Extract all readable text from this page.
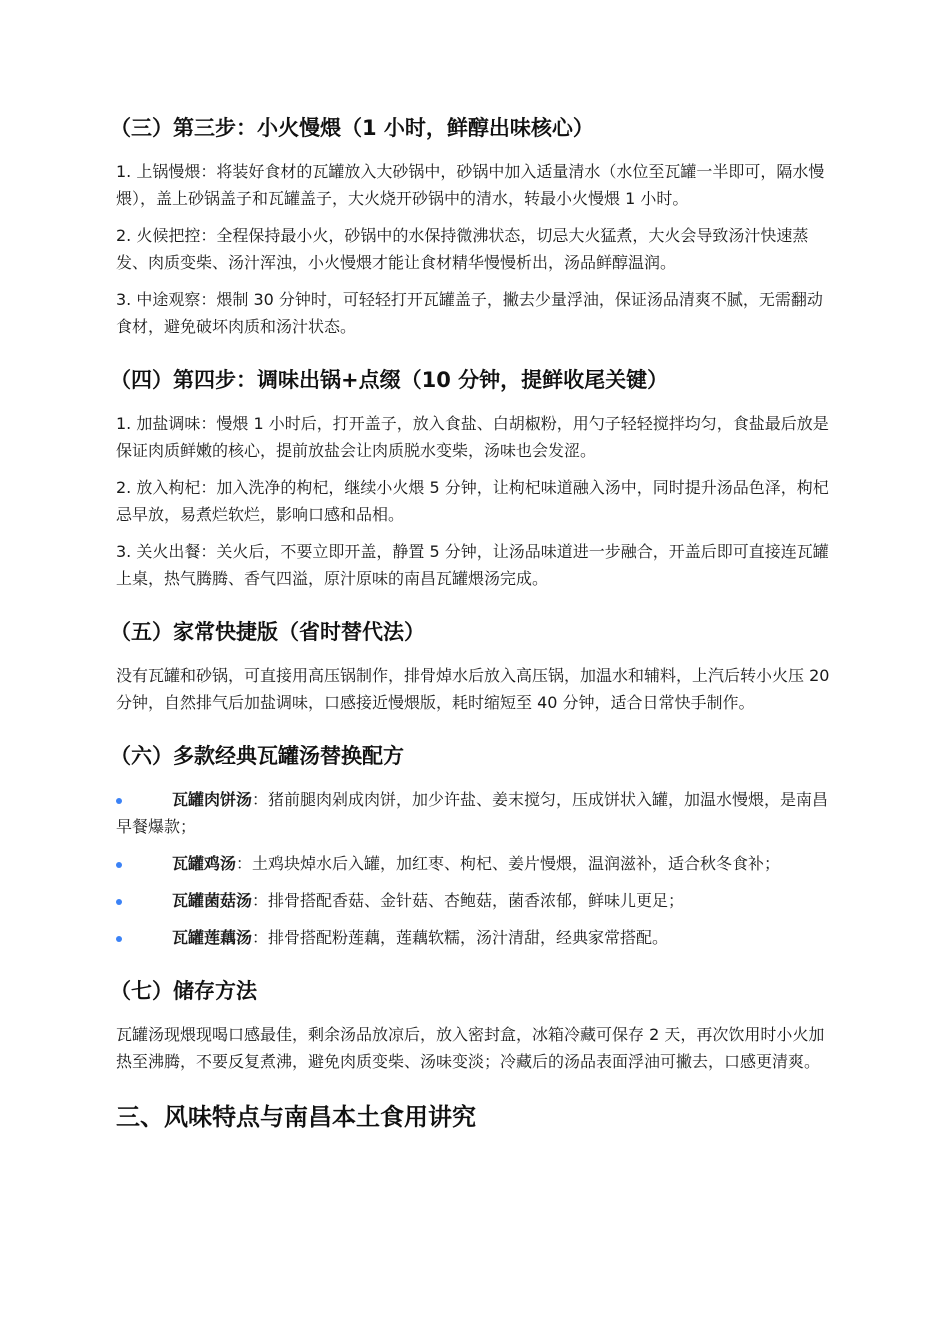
（三）第三步：小火慢煨（1 小时，鲜醇出味核心）

1. 上锅慢煨：将装好食材的瓦罐放入大砂锅中，砂锅中加入适量清水（水位至瓦罐一半即可，隔水慢煨），盖上砂锅盖子和瓦罐盖子，大火烧开砂锅中的清水，转最小火慢煨 1 小时。

2. 火候把控：全程保持最小火，砂锅中的水保持微沸状态，切忌大火猛煮，大火会导致汤汁快速蒸发、肉质变柴、汤汁浑浊，小火慢煨才能让食材精华慢慢析出，汤品鲜醇温润。

3. 中途观察：煨制 30 分钟时，可轻轻打开瓦罐盖子，撇去少量浮油，保证汤品清爽不腻，无需翻动食材，避免破坏肉质和汤汁状态。

（四）第四步：调味出锅+点缀（10 分钟，提鲜收尾关键）

1. 加盐调味：慢煨 1 小时后，打开盖子，放入食盐、白胡椒粉，用勺子轻轻搅拌均匀，食盐最后放是保证肉质鲜嫩的核心，提前放盐会让肉质脱水变柴，汤味也会发涩。

2. 放入枸杞：加入洗净的枸杞，继续小火煨 5 分钟，让枸杞味道融入汤中，同时提升汤品色泽，枸杞忌早放，易煮烂软烂，影响口感和品相。

3. 关火出餐：关火后，不要立即开盖，静置 5 分钟，让汤品味道进一步融合，开盖后即可直接连瓦罐上桌，热气腾腾、香气四溢，原汁原味的南昌瓦罐煨汤完成。

（五）家常快捷版（省时替代法）

没有瓦罐和砂锅，可直接用高压锅制作，排骨焯水后放入高压锅，加温水和辅料，上汽后转小火压 20 分钟，自然排气后加盐调味，口感接近慢煨版，耗时缩短至 40 分钟，适合日常快手制作。

（六）多款经典瓦罐汤替换配方
瓦罐肉饼汤：猪前腿肉剁成肉饼，加少许盐、姜末搅匀，压成饼状入罐，加温水慢煨，是南昌早餐爆款；
瓦罐鸡汤：土鸡块焯水后入罐，加红枣、枸杞、姜片慢煨，温润滋补，适合秋冬食补；
瓦罐菌菇汤：排骨搭配香菇、金针菇、杏鲍菇，菌香浓郁，鲜味儿更足；
瓦罐莲藕汤：排骨搭配粉莲藕，莲藕软糯，汤汁清甜，经典家常搭配。
（七）储存方法

瓦罐汤现煨现喝口感最佳，剩余汤品放凉后，放入密封盒，冰箱冷藏可保存 2 天，再次饮用时小火加热至沸腾，不要反复煮沸，避免肉质变柴、汤味变淡；冷藏后的汤品表面浮油可撇去，口感更清爽。

三、风味特点与南昌本土食用讲究
